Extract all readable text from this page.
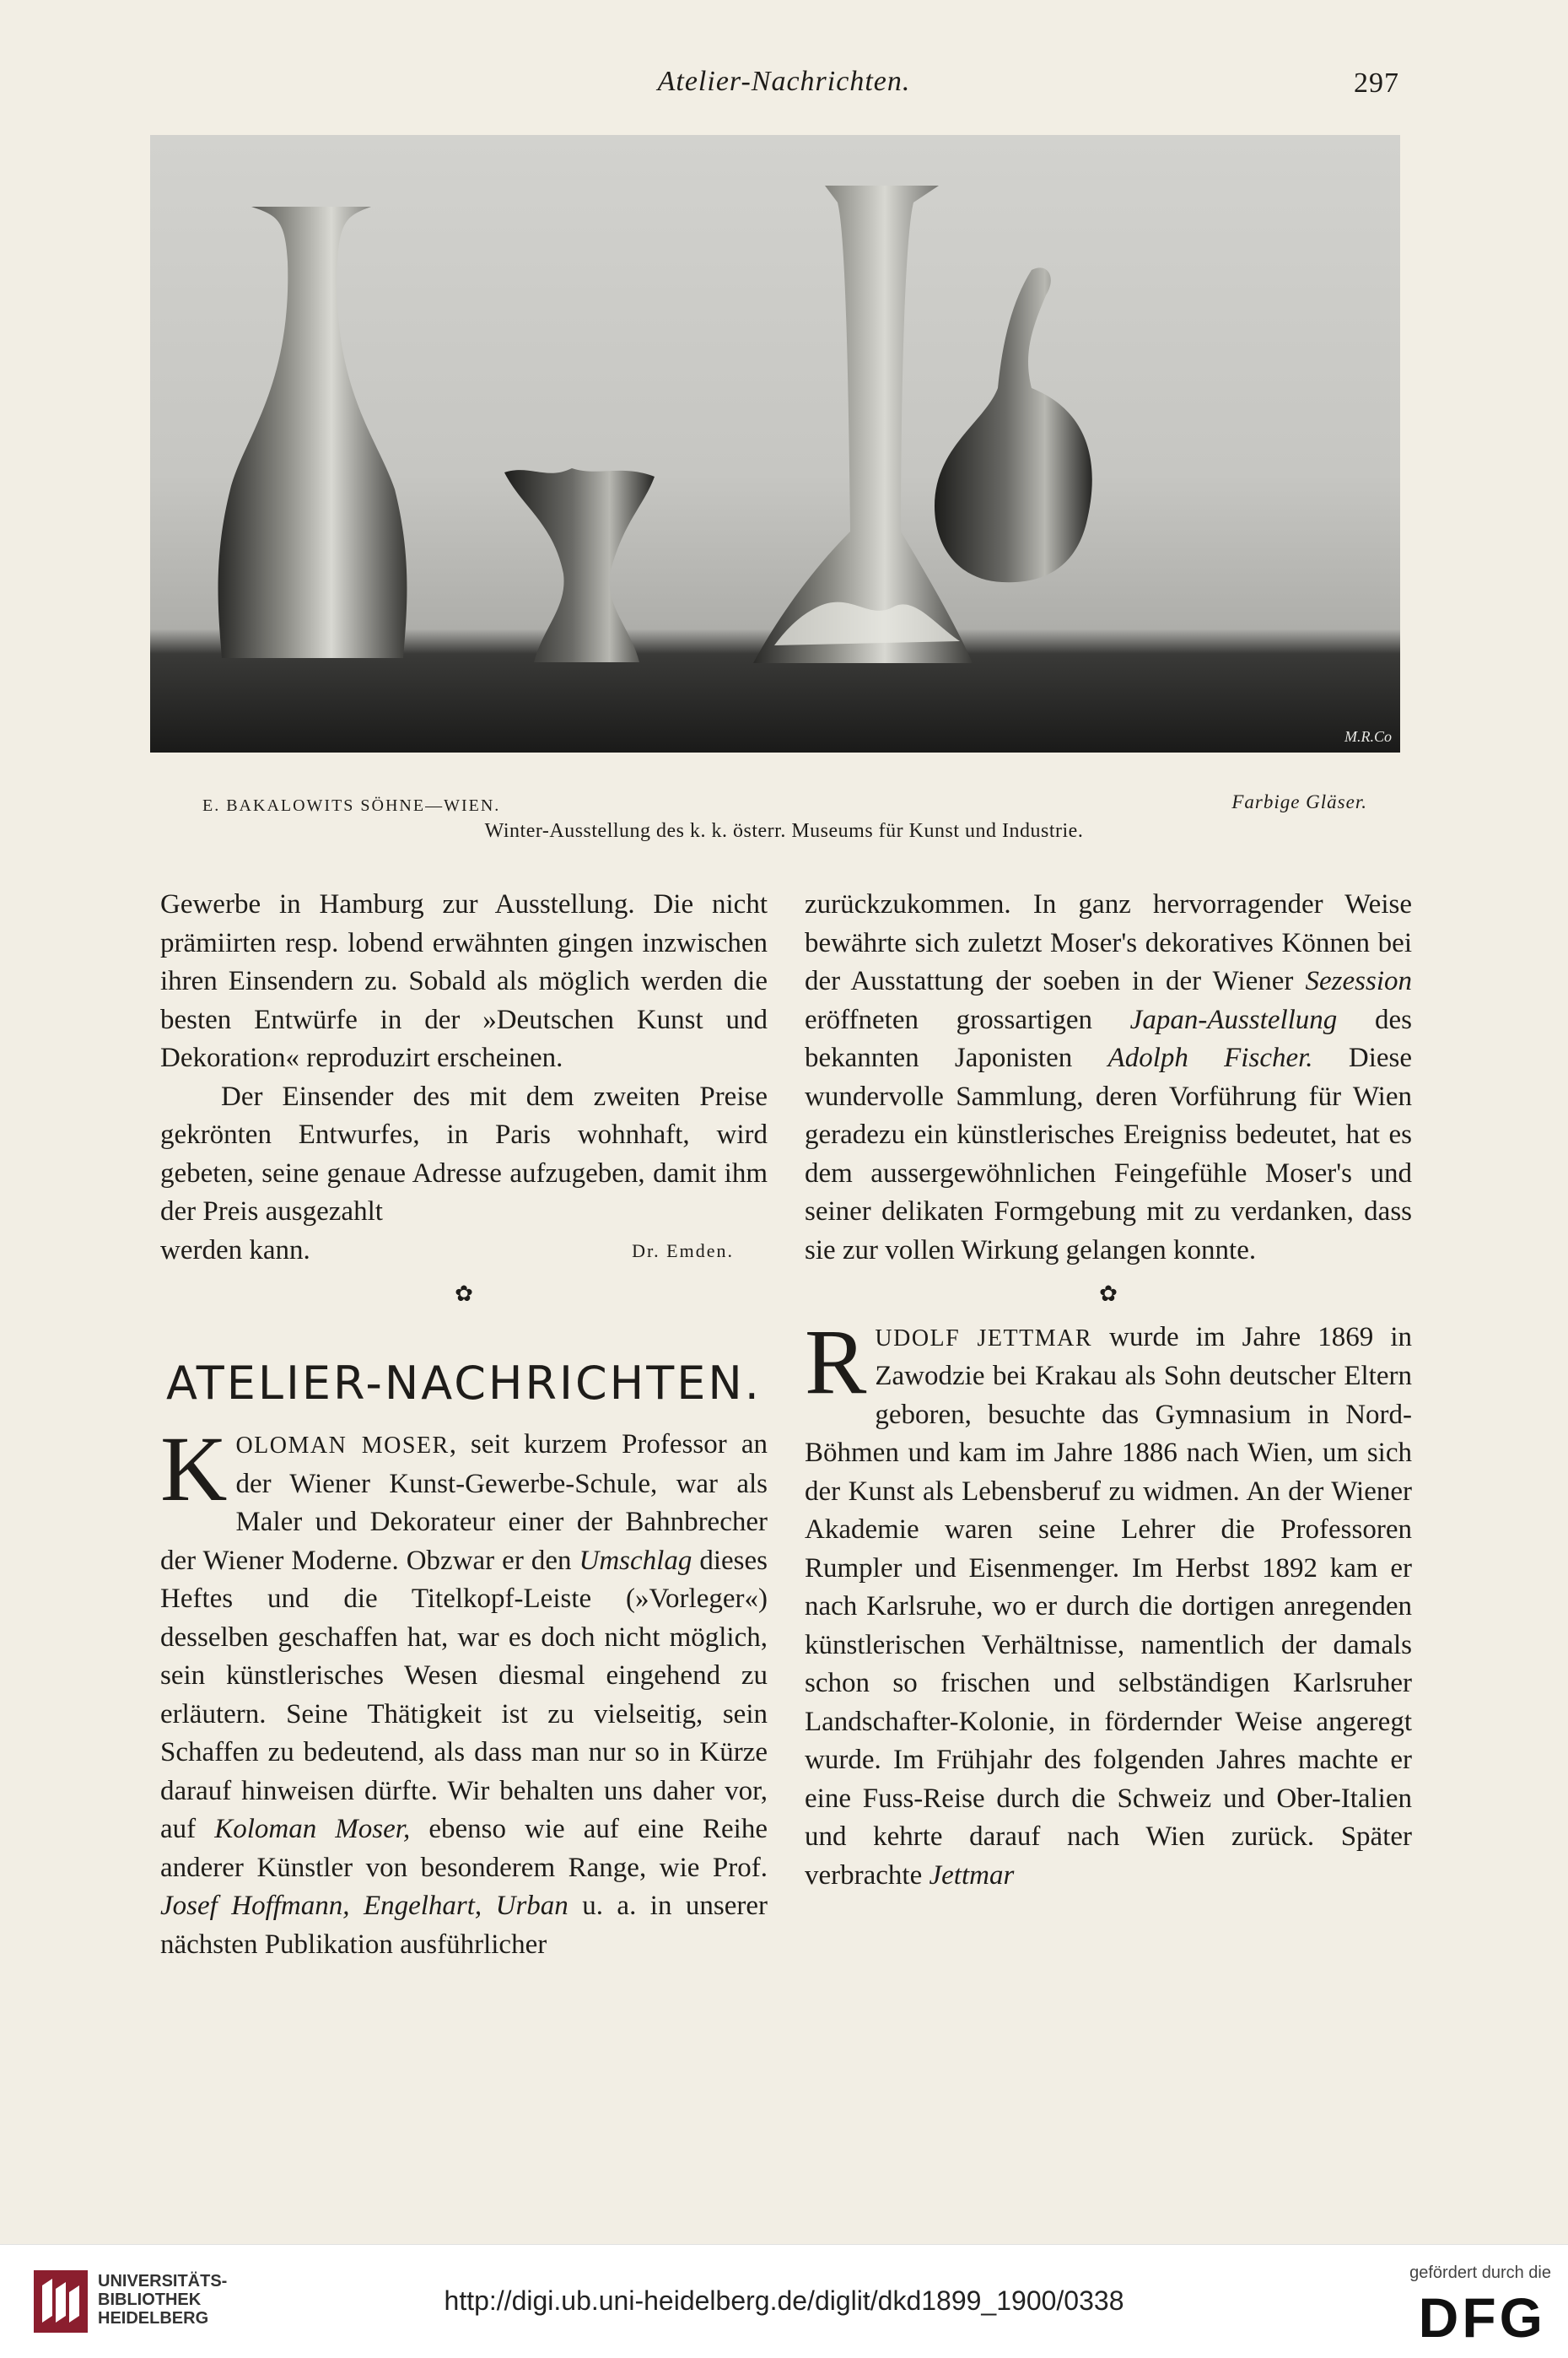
Atelier-Nachrichten.	297
M.R.Co
E. BAKALOWITS SÖHNE—WIEN.	Farbige Gläser.
Winter-Ausstellung des k. k. österr. Museums für Kunst und Industrie.

Gewerbe in Hamburg zur Ausstellung. Die nicht prämiirten resp. lobend erwähnten gingen inzwischen ihren Einsendern zu. Sobald als möglich werden die besten Entwürfe in der »Deutschen Kunst und Dekoration« reproduzirt erscheinen.

Der Einsender des mit dem zweiten Preise gekrönten Entwurfes, in Paris wohnhaft, wird gebeten, seine genaue Adresse aufzugeben, damit ihm der Preis ausgezahlt

werden kann.	Dr. Emden.
✿
ATELIER-NACHRICHTEN.

KOLOMAN MOSER, seit kurzem Professor an der Wiener Kunst-Gewerbe-Schule, war als Maler und Dekorateur einer der Bahnbrecher der Wiener Moderne. Obzwar er den Umschlag dieses Heftes und die Titelkopf-Leiste (»Vorleger«) desselben geschaffen hat, war es doch nicht möglich, sein künstlerisches Wesen diesmal eingehend zu erläutern. Seine Thätigkeit ist zu vielseitig, sein Schaffen zu bedeutend, als dass man nur so in Kürze darauf hinweisen dürfte. Wir behalten uns daher vor, auf Koloman Moser, ebenso wie auf eine Reihe anderer Künstler von besonderem Range, wie Prof. Josef Hoffmann, Engelhart, Urban u. a. in unserer nächsten Publikation ausführlicher

zurückzukommen. In ganz hervorragender Weise bewährte sich zuletzt Moser's dekoratives Können bei der Ausstattung der soeben in der Wiener Sezession eröffneten grossartigen Japan-Ausstellung des bekannten Japonisten Adolph Fischer. Diese wundervolle Sammlung, deren Vorführung für Wien geradezu ein künstlerisches Ereigniss bedeutet, hat es dem aussergewöhnlichen Feingefühle Moser's und seiner delikaten Formgebung mit zu verdanken, dass sie zur vollen Wirkung gelangen konnte.

✿

RUDOLF JETTMAR wurde im Jahre 1869 in Zawodzie bei Krakau als Sohn deutscher Eltern geboren, besuchte das Gymnasium in Nord-Böhmen und kam im Jahre 1886 nach Wien, um sich der Kunst als Lebensberuf zu widmen. An der Wiener Akademie waren seine Lehrer die Professoren Rumpler und Eisenmenger. Im Herbst 1892 kam er nach Karlsruhe, wo er durch die dortigen anregenden künstlerischen Verhältnisse, namentlich der damals schon so frischen und selbständigen Karlsruher Landschafter-Kolonie, in fördernder Weise angeregt wurde. Im Frühjahr des folgenden Jahres machte er eine Fuss-Reise durch die Schweiz und Ober-Italien und kehrte darauf nach Wien zurück. Später verbrachte Jettmar

UNIVERSITÄTS-
BIBLIOTHEK
HEIDELBERG
http://digi.ub.uni-heidelberg.de/diglit/dkd1899_1900/0338
gefördert durch die
DFG
